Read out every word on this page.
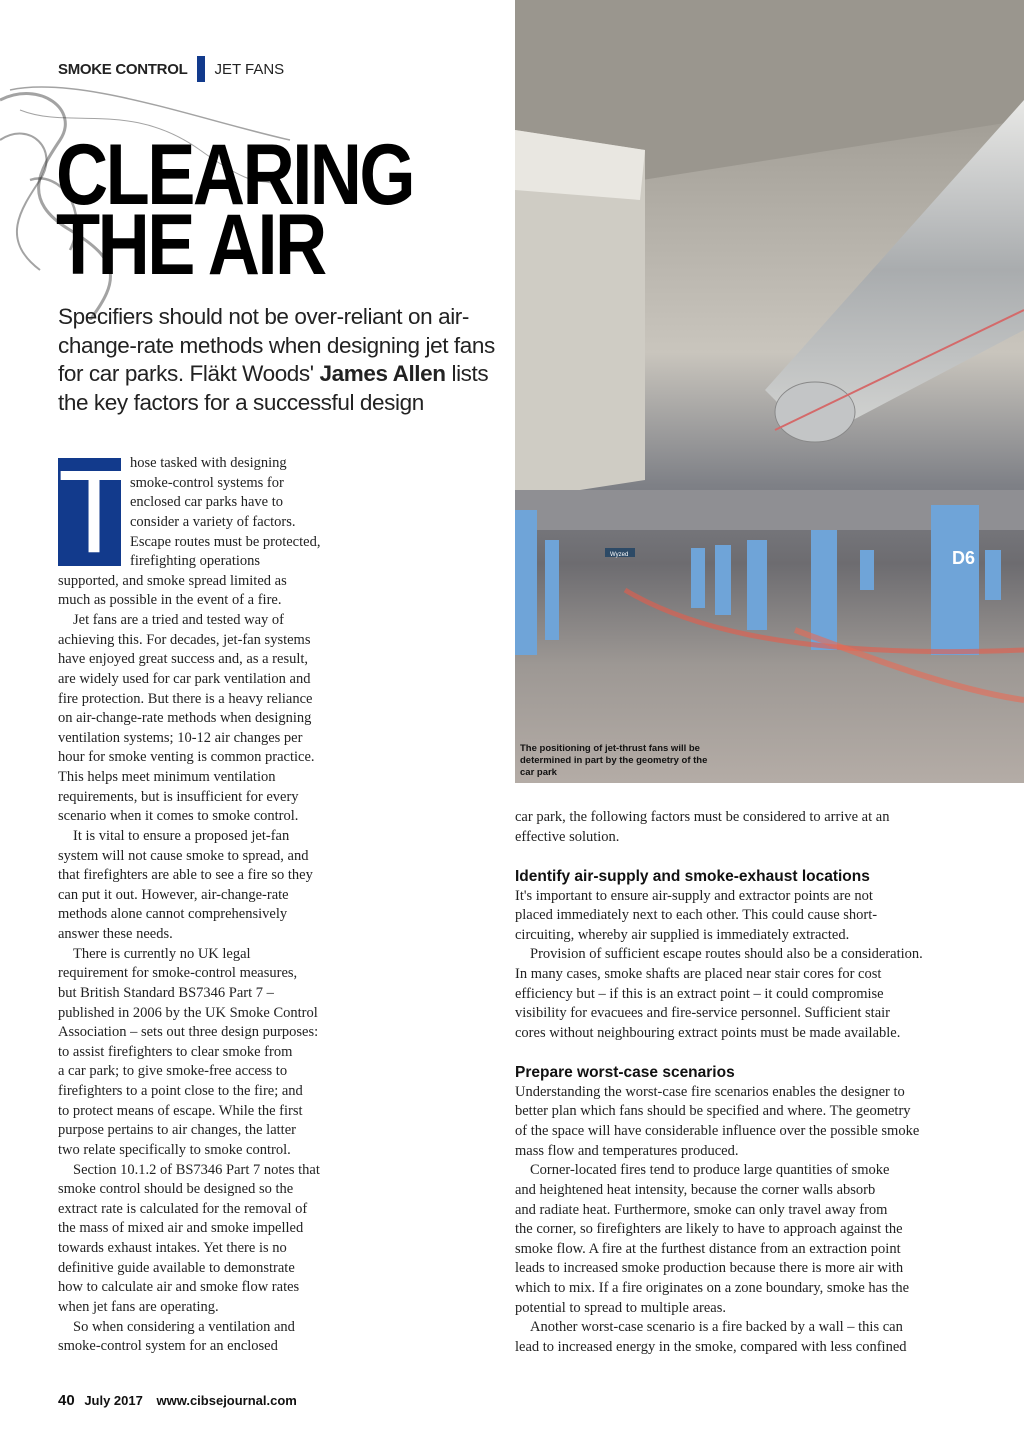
SMOKE CONTROL JET FANS
CLEARING
THE AIR
Specifiers should not be over-reliant on air-change-rate methods when designing jet fans for car parks. Fläkt Woods' James Allen lists the key factors for a successful design
T hose tasked with designing
smoke-control systems for
enclosed car parks have to
consider a variety of factors.
Escape routes must be protected,
firefighting operations
supported, and smoke spread limited as
much as possible in the event of a fire.
Jet fans are a tried and tested way of
achieving this. For decades, jet-fan systems
have enjoyed great success and, as a result,
are widely used for car park ventilation and
fire protection. But there is a heavy reliance
on air-change-rate methods when designing
ventilation systems; 10-12 air changes per
hour for smoke venting is common practice.
This helps meet minimum ventilation
requirements, but is insufficient for every
scenario when it comes to smoke control.
It is vital to ensure a proposed jet-fan
system will not cause smoke to spread, and
that firefighters are able to see a fire so they
can put it out. However, air-change-rate
methods alone cannot comprehensively
answer these needs.
There is currently no UK legal
requirement for smoke-control measures,
but British Standard BS7346 Part 7 –
published in 2006 by the UK Smoke Control
Association – sets out three design purposes:
to assist firefighters to clear smoke from
a car park; to give smoke-free access to
firefighters to a point close to the fire; and
to protect means of escape. While the first
purpose pertains to air changes, the latter
two relate specifically to smoke control.
Section 10.1.2 of BS7346 Part 7 notes that
smoke control should be designed so the
extract rate is calculated for the removal of
the mass of mixed air and smoke impelled
towards exhaust intakes. Yet there is no
definitive guide available to demonstrate
how to calculate air and smoke flow rates
when jet fans are operating.
So when considering a ventilation and
smoke-control system for an enclosed
car park, the following factors must be considered to arrive at an
effective solution.
Identify air-supply and smoke-exhaust locations
It's important to ensure air-supply and extractor points are not
placed immediately next to each other. This could cause short-
circuiting, whereby air supplied is immediately extracted.
Provision of sufficient escape routes should also be a consideration.
In many cases, smoke shafts are placed near stair cores for cost
efficiency but – if this is an extract point – it could compromise
visibility for evacuees and fire-service personnel. Sufficient stair
cores without neighbouring extract points must be made available.
Prepare worst-case scenarios
Understanding the worst-case fire scenarios enables the designer to
better plan which fans should be specified and where. The geometry
of the space will have considerable influence over the possible smoke
mass flow and temperatures produced.
Corner-located fires tend to produce large quantities of smoke
and heightened heat intensity, because the corner walls absorb
and radiate heat. Furthermore, smoke can only travel away from
the corner, so firefighters are likely to have to approach against the
smoke flow. A fire at the furthest distance from an extraction point
leads to increased smoke production because there is more air with
which to mix. If a fire originates on a zone boundary, smoke has the
potential to spread to multiple areas.
Another worst-case scenario is a fire backed by a wall – this can
lead to increased energy in the smoke, compared with less confined
D6
Wyzed
The positioning of jet-thrust fans will be determined in part by the geometry of the car park
40 July 2017 www.cibsejournal.com
